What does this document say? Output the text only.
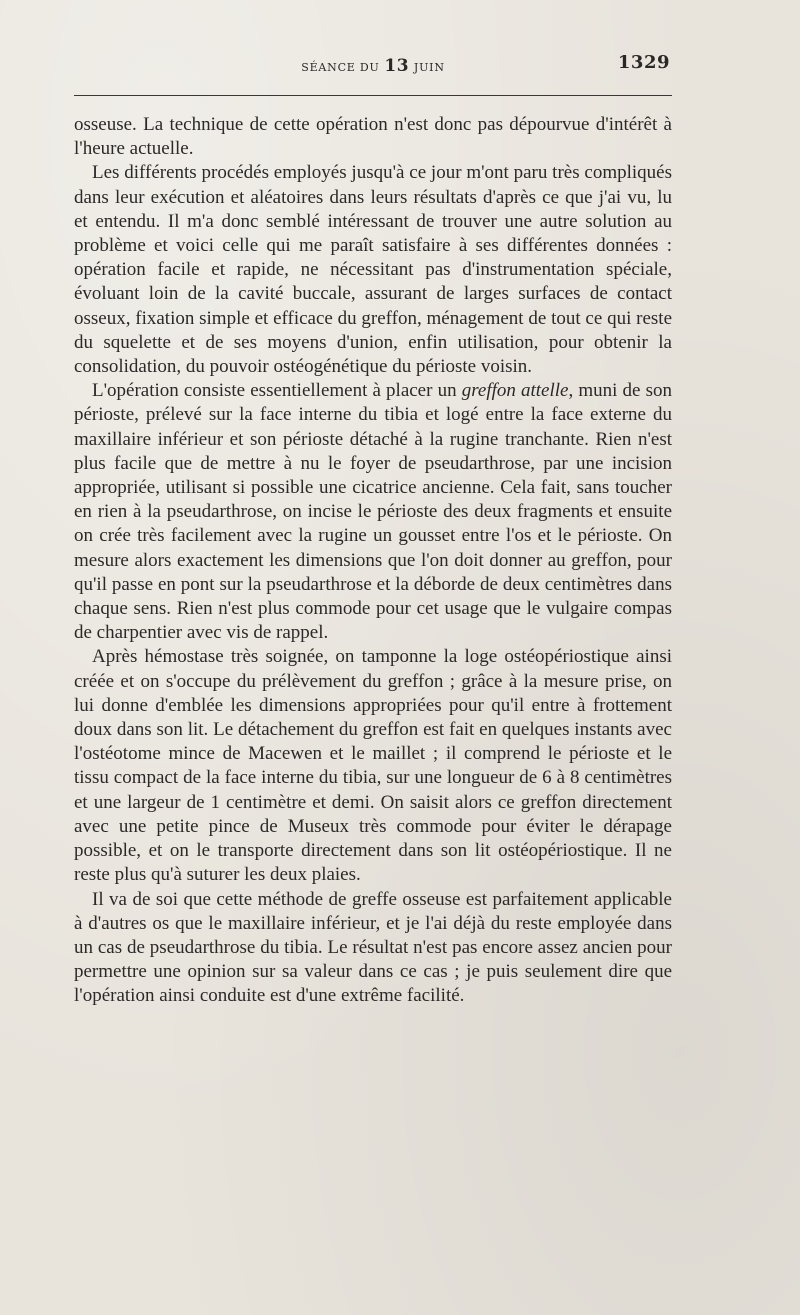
SÉANCE DU 13 JUIN	1329

osseuse. La technique de cette opération n'est donc pas dépourvue d'intérêt à l'heure actuelle.

Les différents procédés employés jusqu'à ce jour m'ont paru très compliqués dans leur exécution et aléatoires dans leurs résultats d'après ce que j'ai vu, lu et entendu. Il m'a donc semblé intéressant de trouver une autre solution au problème et voici celle qui me paraît satisfaire à ses différentes données : opération facile et rapide, ne nécessitant pas d'instrumentation spéciale, évoluant loin de la cavité buccale, assurant de larges surfaces de contact osseux, fixation simple et efficace du greffon, ménagement de tout ce qui reste du squelette et de ses moyens d'union, enfin utilisation, pour obtenir la consolidation, du pouvoir ostéogénétique du périoste voisin.

L'opération consiste essentiellement à placer un greffon attelle, muni de son périoste, prélevé sur la face interne du tibia et logé entre la face externe du maxillaire inférieur et son périoste détaché à la rugine tranchante. Rien n'est plus facile que de mettre à nu le foyer de pseudarthrose, par une incision appropriée, utilisant si possible une cicatrice ancienne. Cela fait, sans toucher en rien à la pseudarthrose, on incise le périoste des deux fragments et ensuite on crée très facilement avec la rugine un gousset entre l'os et le périoste. On mesure alors exactement les dimensions que l'on doit donner au greffon, pour qu'il passe en pont sur la pseudarthrose et la déborde de deux centimètres dans chaque sens. Rien n'est plus commode pour cet usage que le vulgaire compas de charpentier avec vis de rappel.

Après hémostase très soignée, on tamponne la loge ostéopériostique ainsi créée et on s'occupe du prélèvement du greffon ; grâce à la mesure prise, on lui donne d'emblée les dimensions appropriées pour qu'il entre à frottement doux dans son lit. Le détachement du greffon est fait en quelques instants avec l'ostéotome mince de Macewen et le maillet ; il comprend le périoste et le tissu compact de la face interne du tibia, sur une longueur de 6 à 8 centimètres et une largeur de 1 centimètre et demi. On saisit alors ce greffon directement avec une petite pince de Museux très commode pour éviter le dérapage possible, et on le transporte directement dans son lit ostéopériostique. Il ne reste plus qu'à suturer les deux plaies.

Il va de soi que cette méthode de greffe osseuse est parfaitement applicable à d'autres os que le maxillaire inférieur, et je l'ai déjà du reste employée dans un cas de pseudarthrose du tibia. Le résultat n'est pas encore assez ancien pour permettre une opinion sur sa valeur dans ce cas ; je puis seulement dire que l'opération ainsi conduite est d'une extrême facilité.
